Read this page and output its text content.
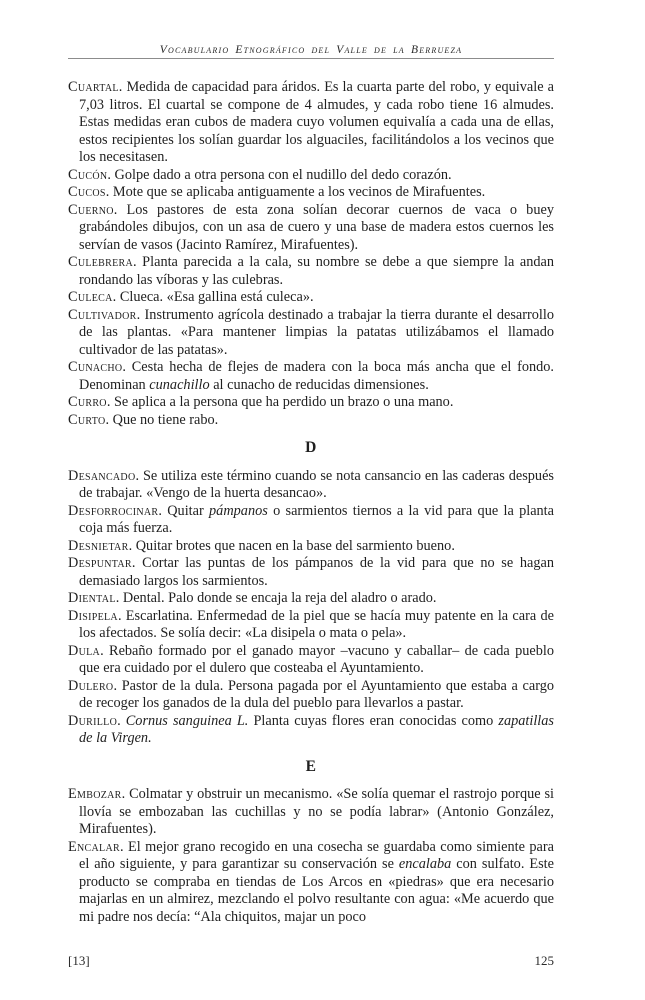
Vocabulario Etnográfico del Valle de la Berrueza

Cuartal. Medida de capacidad para áridos. Es la cuarta parte del robo, y equivale a 7,03 litros. El cuartal se compone de 4 almudes, y cada robo tiene 16 almudes. Estas medidas eran cubos de madera cuyo volumen equivalía a cada una de ellas, estos recipientes los solían guardar los alguaciles, facilitándolos a los vecinos que los necesitasen.

Cucón. Golpe dado a otra persona con el nudillo del dedo corazón.

Cucos. Mote que se aplicaba antiguamente a los vecinos de Mirafuentes.

Cuerno. Los pastores de esta zona solían decorar cuernos de vaca o buey grabándoles dibujos, con un asa de cuero y una base de madera estos cuernos les servían de vasos (Jacinto Ramírez, Mirafuentes).

Culebrera. Planta parecida a la cala, su nombre se debe a que siempre la andan rondando las víboras y las culebras.

Culeca. Clueca. «Esa gallina está culeca».

Cultivador. Instrumento agrícola destinado a trabajar la tierra durante el desarrollo de las plantas. «Para mantener limpias la patatas utilizábamos el llamado cultivador de las patatas».

Cunacho. Cesta hecha de flejes de madera con la boca más ancha que el fondo. Denominan cunachillo al cunacho de reducidas dimensiones.

Curro. Se aplica a la persona que ha perdido un brazo o una mano.

Curto. Que no tiene rabo.

D

Desancado. Se utiliza este término cuando se nota cansancio en las caderas después de trabajar. «Vengo de la huerta desancao».

Desforrocinar. Quitar pámpanos o sarmientos tiernos a la vid para que la planta coja más fuerza.

Desnietar. Quitar brotes que nacen en la base del sarmiento bueno.

Despuntar. Cortar las puntas de los pámpanos de la vid para que no se hagan demasiado largos los sarmientos.

Diental. Dental. Palo donde se encaja la reja del aladro o arado.

Disipela. Escarlatina. Enfermedad de la piel que se hacía muy patente en la cara de los afectados. Se solía decir: «La disipela o mata o pela».

Dula. Rebaño formado por el ganado mayor –vacuno y caballar– de cada pueblo que era cuidado por el dulero que costeaba el Ayuntamiento.

Dulero. Pastor de la dula. Persona pagada por el Ayuntamiento que estaba a cargo de recoger los ganados de la dula del pueblo para llevarlos a pastar.

Durillo. Cornus sanguinea L. Planta cuyas flores eran conocidas como zapatillas de la Virgen.

E

Embozar. Colmatar y obstruir un mecanismo. «Se solía quemar el rastrojo porque si llovía se embozaban las cuchillas y no se podía labrar» (Antonio González, Mirafuentes).

Encalar. El mejor grano recogido en una cosecha se guardaba como simiente para el año siguiente, y para garantizar su conservación se encalaba con sulfato. Este producto se compraba en tiendas de Los Arcos en «piedras» que era necesario majarlas en un almirez, mezclando el polvo resultante con agua: «Me acuerdo que mi padre nos decía: “Ala chiquitos, majar un poco

[13]	125
